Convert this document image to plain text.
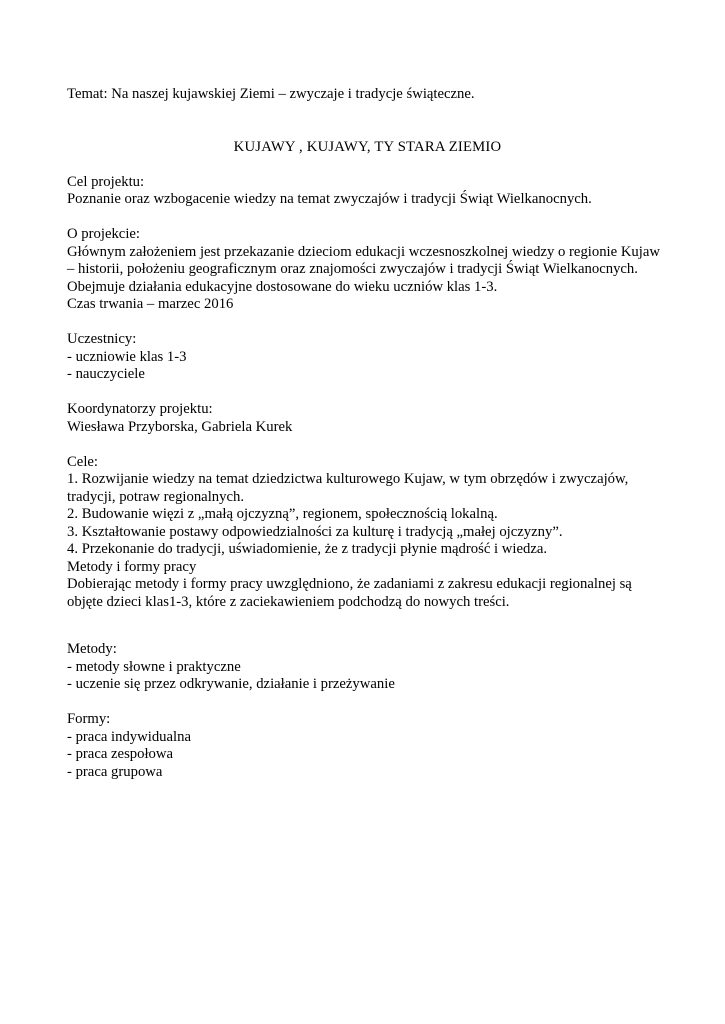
Temat: Na naszej kujawskiej Ziemi – zwyczaje i tradycje świąteczne.

KUJAWY , KUJAWY, TY STARA ZIEMIO

Cel projektu:

Poznanie oraz wzbogacenie wiedzy na temat zwyczajów i tradycji Świąt Wielkanocnych.

O projekcie:

Głównym założeniem jest przekazanie dzieciom edukacji wczesnoszkolnej wiedzy o regionie Kujaw – historii, położeniu geograficznym oraz znajomości zwyczajów i tradycji Świąt Wielkanocnych.

Obejmuje działania edukacyjne dostosowane do wieku uczniów klas 1-3.

Czas trwania – marzec 2016

Uczestnicy:

- uczniowie klas 1-3

- nauczyciele

Koordynatorzy projektu:

Wiesława Przyborska, Gabriela Kurek

Cele:

1. Rozwijanie wiedzy na temat dziedzictwa kulturowego Kujaw, w tym obrzędów i zwyczajów, tradycji, potraw regionalnych.

2. Budowanie więzi z „małą ojczyzną”, regionem, społecznością lokalną.

3. Kształtowanie postawy odpowiedzialności za kulturę i tradycją „małej ojczyzny”.

4. Przekonanie do tradycji, uświadomienie, że z tradycji płynie mądrość i wiedza.

Metody i formy pracy

Dobierając metody i formy pracy uwzględniono, że zadaniami z zakresu edukacji regionalnej są objęte dzieci klas1-3, które z zaciekawieniem podchodzą do nowych treści.

Metody:

- metody słowne i praktyczne

- uczenie się przez odkrywanie, działanie i przeżywanie

Formy:

- praca indywidualna

- praca zespołowa

- praca grupowa
